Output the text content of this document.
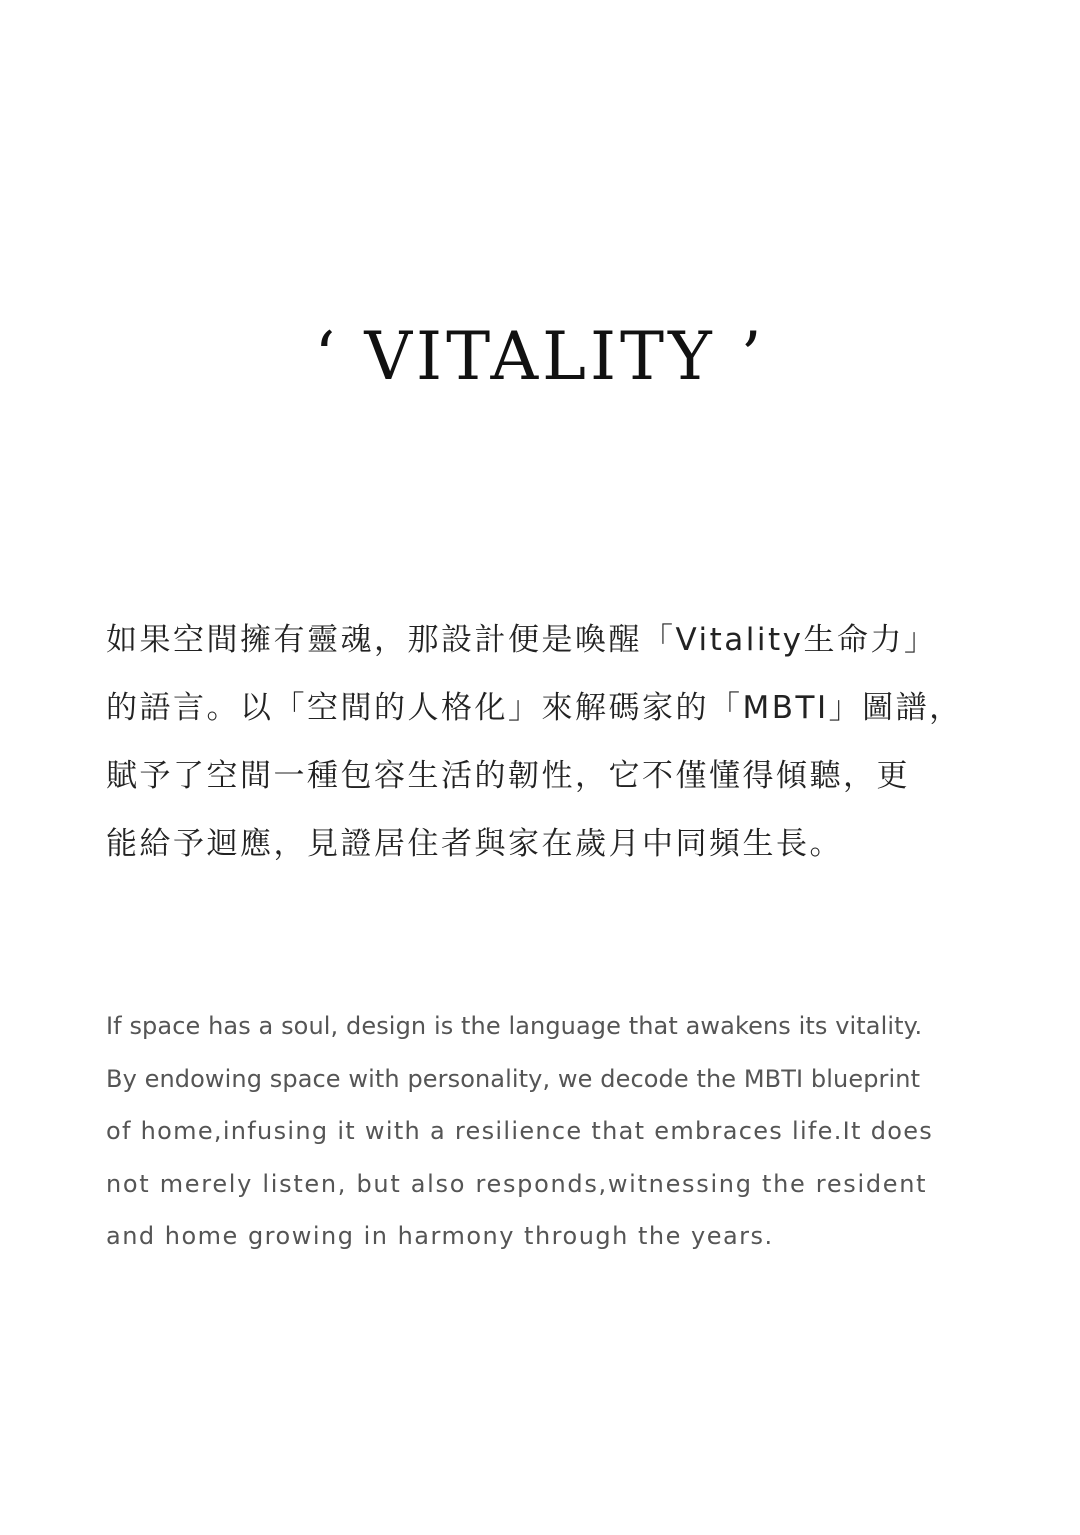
‘ VITALITY ’

如果空間擁有靈魂，那設計便是喚醒「Vitality生命力」
的語言。以「空間的人格化」來解碼家的「MBTI」圖譜，
賦予了空間一種包容生活的韌性，它不僅懂得傾聽，更
能給予迴應，見證居住者與家在歲月中同頻生長。

If space has a soul, design is the language that awakens its vitality.
By endowing space with personality, we decode the MBTI blueprint
of home,infusing it with a resilience that embraces life.It does
not merely listen, but also responds,witnessing the resident
and home growing in harmony through the years.
